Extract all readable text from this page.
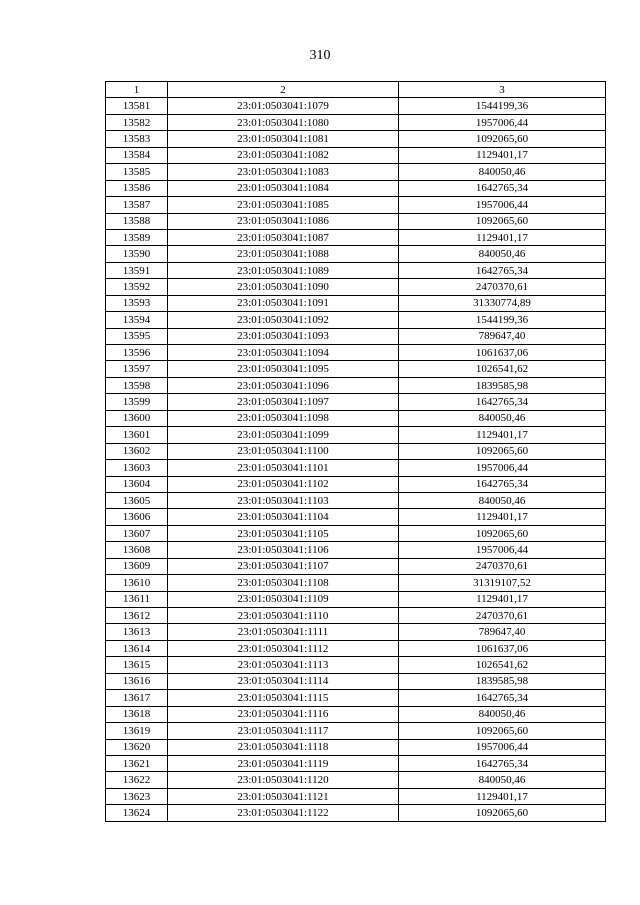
310
1	2	3
13581	23:01:0503041:1079	1544199,36
13582	23:01:0503041:1080	1957006,44
13583	23:01:0503041:1081	1092065,60
13584	23:01:0503041:1082	1129401,17
13585	23:01:0503041:1083	840050,46
13586	23:01:0503041:1084	1642765,34
13587	23:01:0503041:1085	1957006,44
13588	23:01:0503041:1086	1092065,60
13589	23:01:0503041:1087	1129401,17
13590	23:01:0503041:1088	840050,46
13591	23:01:0503041:1089	1642765,34
13592	23:01:0503041:1090	2470370,61
13593	23:01:0503041:1091	31330774,89
13594	23:01:0503041:1092	1544199,36
13595	23:01:0503041:1093	789647,40
13596	23:01:0503041:1094	1061637,06
13597	23:01:0503041:1095	1026541,62
13598	23:01:0503041:1096	1839585,98
13599	23:01:0503041:1097	1642765,34
13600	23:01:0503041:1098	840050,46
13601	23:01:0503041:1099	1129401,17
13602	23:01:0503041:1100	1092065,60
13603	23:01:0503041:1101	1957006,44
13604	23:01:0503041:1102	1642765,34
13605	23:01:0503041:1103	840050,46
13606	23:01:0503041:1104	1129401,17
13607	23:01:0503041:1105	1092065,60
13608	23:01:0503041:1106	1957006,44
13609	23:01:0503041:1107	2470370,61
13610	23:01:0503041:1108	31319107,52
13611	23:01:0503041:1109	1129401,17
13612	23:01:0503041:1110	2470370,61
13613	23:01:0503041:1111	789647,40
13614	23:01:0503041:1112	1061637,06
13615	23:01:0503041:1113	1026541,62
13616	23:01:0503041:1114	1839585,98
13617	23:01:0503041:1115	1642765,34
13618	23:01:0503041:1116	840050,46
13619	23:01:0503041:1117	1092065,60
13620	23:01:0503041:1118	1957006,44
13621	23:01:0503041:1119	1642765,34
13622	23:01:0503041:1120	840050,46
13623	23:01:0503041:1121	1129401,17
13624	23:01:0503041:1122	1092065,60
